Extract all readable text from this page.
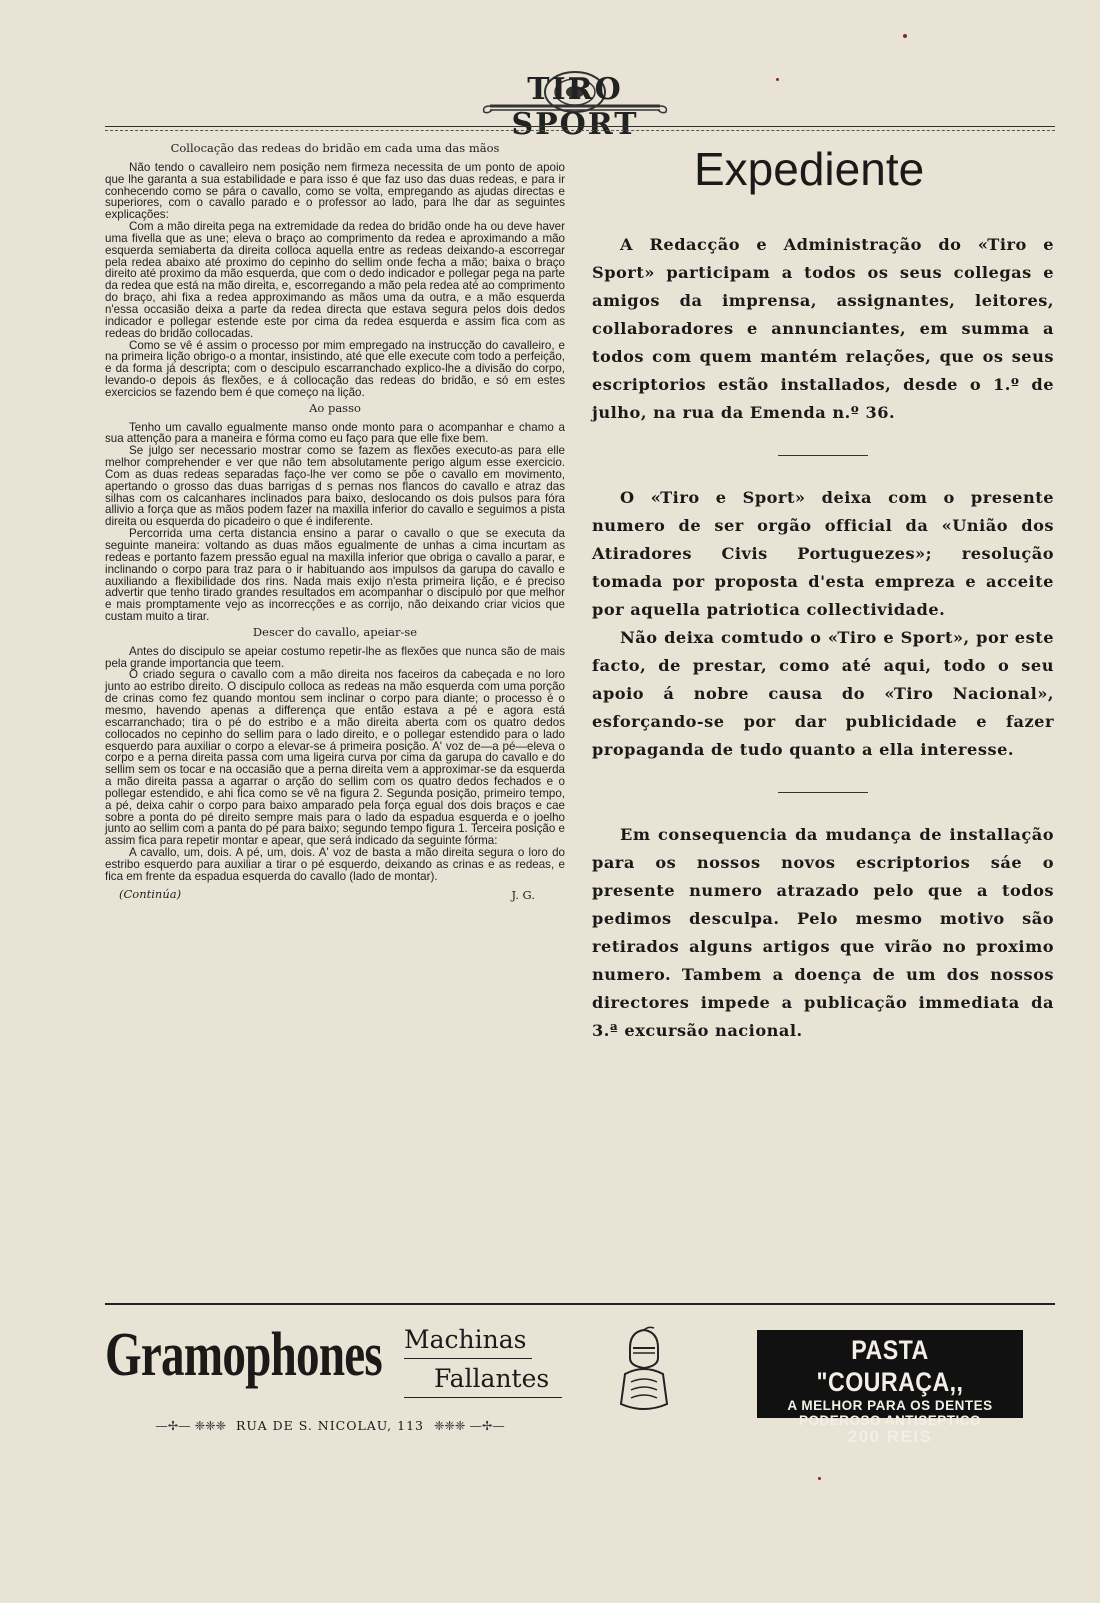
TIRO SPORT
Collocação das redeas do bridão em cada uma das mãos

Não tendo o cavalleiro nem posição nem firmeza necessita de um ponto de apoio que lhe garanta a sua estabilidade e para isso é que faz uso das duas redeas, e para ir conhecendo como se pára o cavallo, como se volta, empregando as ajudas directas e superiores, com o cavallo parado e o professor ao lado, para lhe dar as seguintes explicações:

Com a mão direita pega na extremidade da redea do bridão onde ha ou deve haver uma fivella que as une; eleva o braço ao comprimento da redea e aproximando a mão esquerda semiaberta da direita colloca aquella entre as redeas deixando-a escorregar pela redea abaixo até proximo do cepinho do sellim onde fecha a mão; baixa o braço direito até proximo da mão esquerda, que com o dedo indicador e pollegar pega na parte da redea que está na mão direita, e, escorregando a mão pela redea até ao comprimento do braço, ahi fixa a redea approximando as mãos uma da outra, e a mão esquerda n'essa occasião deixa a parte da redea directa que estava segura pelos dois dedos indicador e pollegar estende este por cima da redea esquerda e assim fica com as redeas do bridão collocadas.

Como se vê é assim o processo por mim empregado na instrucção do cavalleiro, e na primeira lição obrigo-o a montar, insistindo, até que elle execute com todo a perfeição, e da forma já descripta; com o descipulo escarranchado explico-lhe a divisão do corpo, levando-o depois ás flexões, e á collocação das redeas do bridão, e só em estes exercicios se fazendo bem é que começo na lição.

Ao passo

Tenho um cavallo egualmente manso onde monto para o acompanhar e chamo a sua attenção para a maneira e fórma como eu faço para que elle fixe bem.

Se julgo ser necessario mostrar como se fazem as flexões executo-as para elle melhor comprehender e ver que não tem absolutamente perigo algum esse exercicio. Com as duas redeas separadas faço-lhe ver como se põe o cavallo em movimento, apertando o grosso das duas barrigas d s pernas nos flancos do cavallo e atraz das silhas com os calcanhares inclinados para baixo, deslocando os dois pulsos para fóra allivio a força que as mãos podem fazer na maxilla inferior do cavallo e seguimos a pista direita ou esquerda do picadeiro o que é indiferente.

Percorrida uma certa distancia ensino a parar o cavallo o que se executa da seguinte maneira: voltando as duas mãos egualmente de unhas a cima incurtam as redeas e portanto fazem pressão egual na maxilla inferior que obriga o cavallo a parar, e inclinando o corpo para traz para o ir habituando aos impulsos da garupa do cavallo e auxiliando a flexibilidade dos rins. Nada mais exijo n'esta primeira lição, e é preciso advertir que tenho tirado grandes resultados em acompanhar o discipulo por que melhor e mais promptamente vejo as incorrecções e as corrijo, não deixando criar vicios que custam muito a tirar.

Descer do cavallo, apeiar-se

Antes do discipulo se apeiar costumo repetir-lhe as flexões que nunca são de mais pela grande importancia que teem.

O criado segura o cavallo com a mão direita nos faceiros da cabeçada e no loro junto ao estribo direito. O discipulo colloca as redeas na mão esquerda com uma porção de crinas como fez quando montou sem inclinar o corpo para diante; o processo é o mesmo, havendo apenas a differença que então estava a pé e agora está escarranchado; tira o pé do estribo e a mão direita aberta com os quatro dedos collocados no cepinho do sellim para o lado direito, e o pollegar estendido para o lado esquerdo para auxiliar o corpo a elevar-se á primeira posição. A' voz de—a pé—eleva o corpo e a perna direita passa com uma ligeira curva por cima da garupa do cavallo e do sellim sem os tocar e na occasião que a perna direita vem a approximar-se da esquerda a mão direita passa a agarrar o arção do sellim com os quatro dedos fechados e o pollegar estendido, e ahi fica como se vê na figura 2. Segunda posição, primeiro tempo, a pé, deixa cahir o corpo para baixo amparado pela força egual dos dois braços e cae sobre a ponta do pé direito sempre mais para o lado da espadua esquerda e o joelho junto ao sellim com a panta do pé para baixo; segundo tempo figura 1. Terceira posição e assim fica para repetir montar e apear, que será indicado da seguinte fórma:

A cavallo, um, dois. A pé, um, dois. A' voz de basta a mão direita segura o loro do estribo esquerdo para auxiliar a tirar o pé esquerdo, deixando as crinas e as redeas, e fica em frente da espadua esquerda do cavallo (lado de montar).

(Continúa)	J. G.
Expediente

A Redacção e Administração do «Tiro e Sport» participam a todos os seus collegas e amigos da imprensa, assignantes, leitores, collaboradores e annunciantes, em summa a todos com quem mantém relações, que os seus escriptorios estão installados, desde o 1.º de julho, na rua da Emenda n.º 36.

O «Tiro e Sport» deixa com o presente numero de ser orgão official da «União dos Atiradores Civis Portuguezes»; resolução tomada por proposta d'esta empreza e acceite por aquella patriotica collectividade.

Não deixa comtudo o «Tiro e Sport», por este facto, de prestar, como até aqui, todo o seu apoio á nobre causa do «Tiro Nacional», esforçando-se por dar publicidade e fazer propaganda de tudo quanto a ella interesse.

Em consequencia da mudança de installação para os nossos novos escriptorios sáe o presente numero atrazado pelo que a todos pedimos desculpa. Pelo mesmo motivo são retirados alguns artigos que virão no proximo numero. Tambem a doença de um dos nossos directores impede a publicação immediata da 3.ª excursão nacional.

Gramophones Machinas
Fallantes
—✢— ❈❈❈ RUA DE S. NICOLAU, 113 ❈❈❈ —✢—
PASTA "COURAÇA,,
A MELHOR PARA OS DENTES
PODEROSO ANTISEPTICO
200 REIS
